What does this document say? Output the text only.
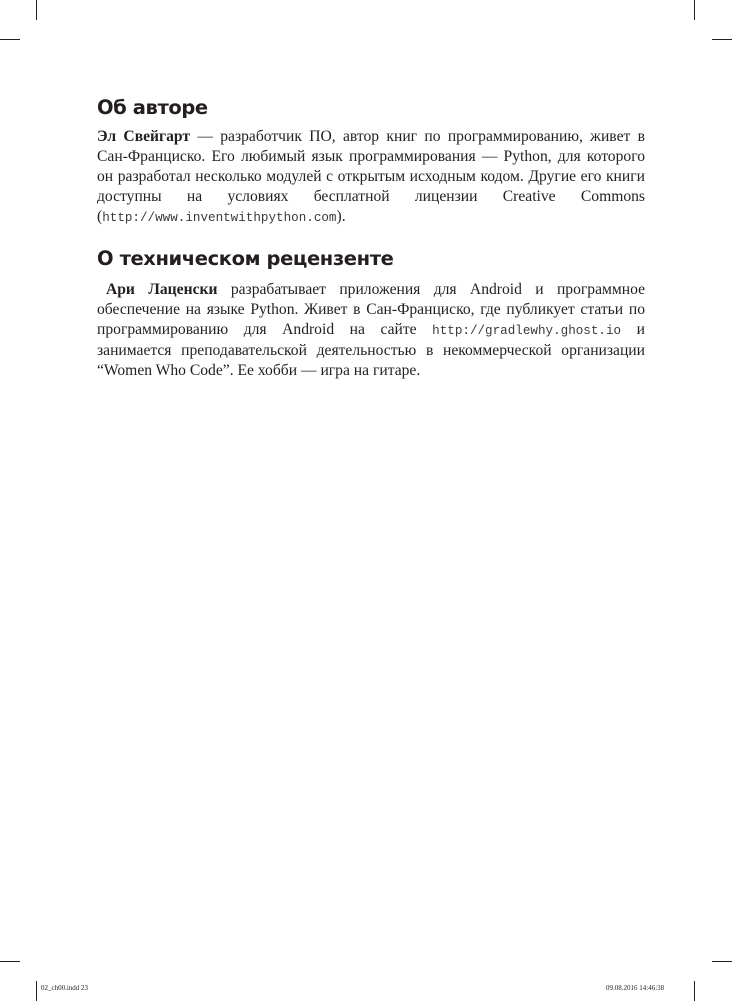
Об авторе

Эл Свейгарт — разработчик ПО, автор книг по программированию, живет в Сан-Франциско. Его любимый язык программирования — Python, для которого он разработал несколько модулей с открытым исходным кодом. Другие его книги доступны на условиях бесплатной лицензии Creative Commons (http://www.inventwithpython.com).

О техническом рецензенте

Ари Лаценски разрабатывает приложения для Android и программное обеспечение на языке Python. Живет в Сан-Франциско, где публикует статьи по программированию для Android на сайте http://gradlewhy.ghost.io и занимается преподавательской деятельностью в некоммерческой организации “Women Who Code”. Ее хобби — игра на гитаре.

02_ch00.indd 23	09.08.2016 14:46:38
